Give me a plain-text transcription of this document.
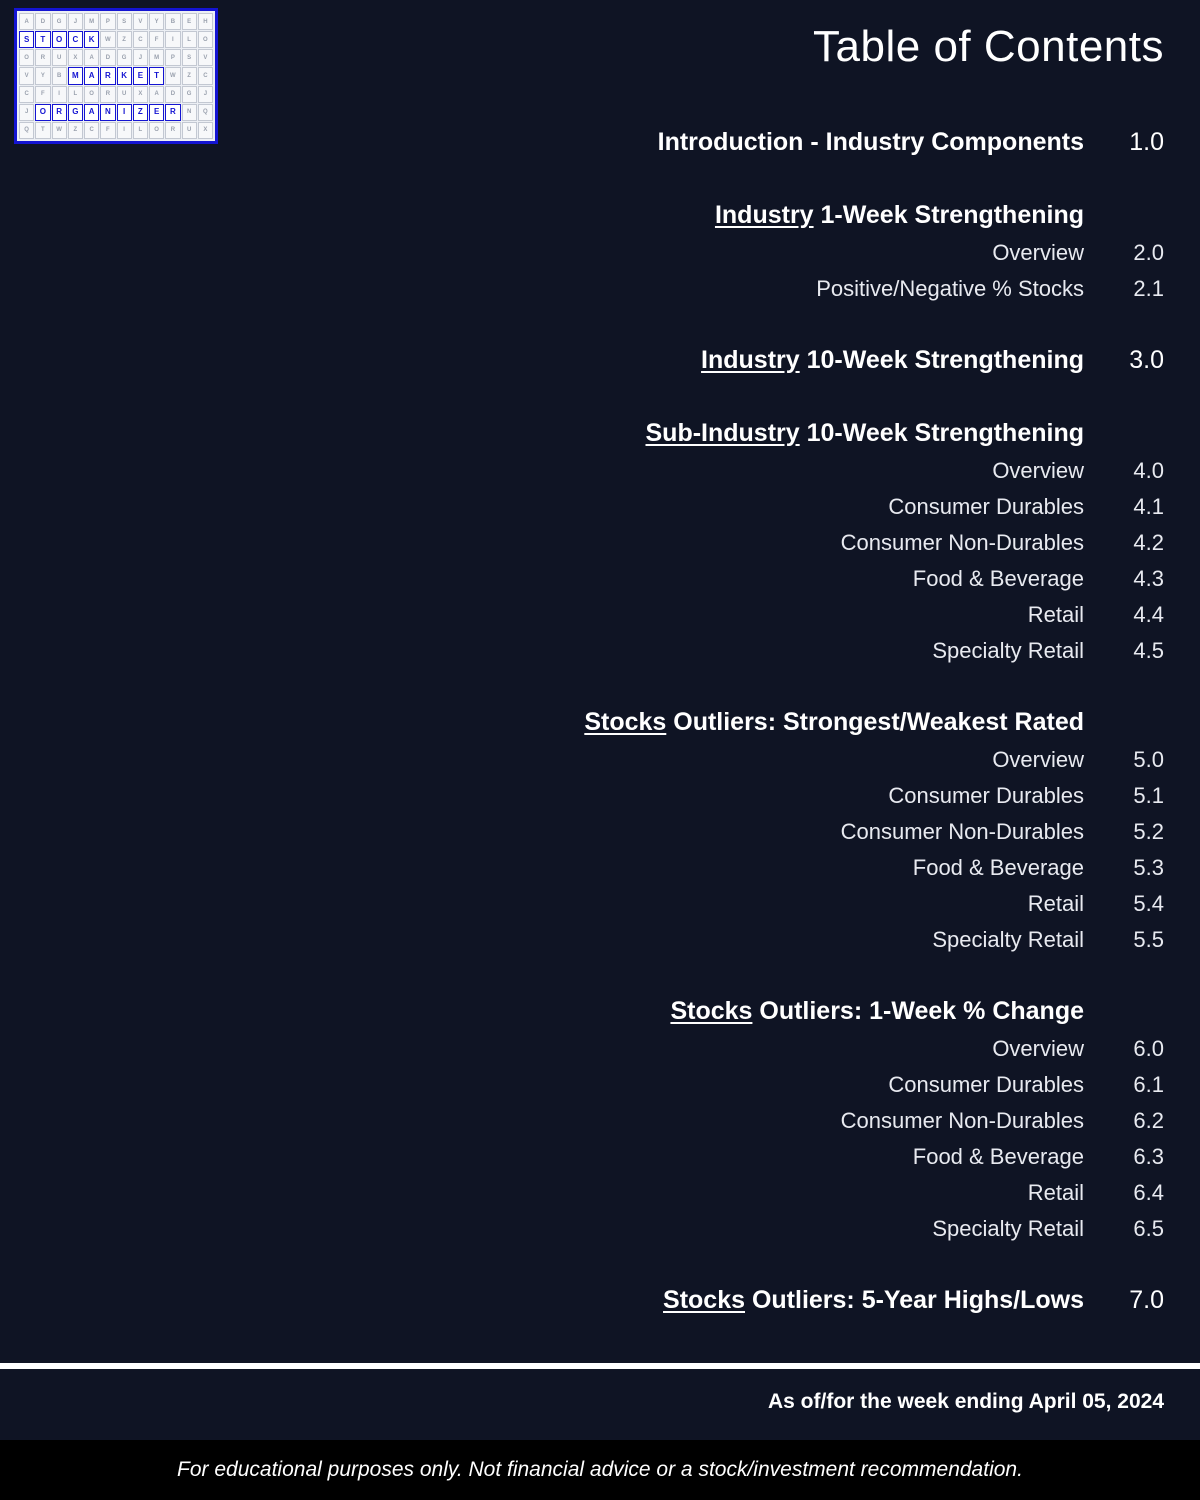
A	D	G	J	M	P	S	V	Y	B	E	H
S	T	O	C	K	W	Z	C	F	I	L	O
O	R	U	X	A	D	G	J	M	P	S	V
V	Y	B	M	A	R	K	E	T	W	Z	C
C	F	I	L	O	R	U	X	A	D	G	J
J	O	R	G	A	N	I	Z	E	R	N	Q
Q	T	W	Z	C	F	I	L	O	R	U	X
Table of Contents
Introduction - Industry Components	1.0
Industry 1-Week Strengthening
Overview	2.0
Positive/Negative % Stocks	2.1
Industry 10-Week Strengthening	3.0
Sub-Industry 10-Week Strengthening
Overview	4.0
Consumer Durables	4.1
Consumer Non-Durables	4.2
Food & Beverage	4.3
Retail	4.4
Specialty Retail	4.5
Stocks Outliers: Strongest/Weakest Rated
Overview	5.0
Consumer Durables	5.1
Consumer Non-Durables	5.2
Food & Beverage	5.3
Retail	5.4
Specialty Retail	5.5
Stocks Outliers: 1-Week % Change
Overview	6.0
Consumer Durables	6.1
Consumer Non-Durables	6.2
Food & Beverage	6.3
Retail	6.4
Specialty Retail	6.5
Stocks Outliers: 5-Year Highs/Lows	7.0
As of/for the week ending April 05, 2024
For educational purposes only. Not financial advice or a stock/investment recommendation.
